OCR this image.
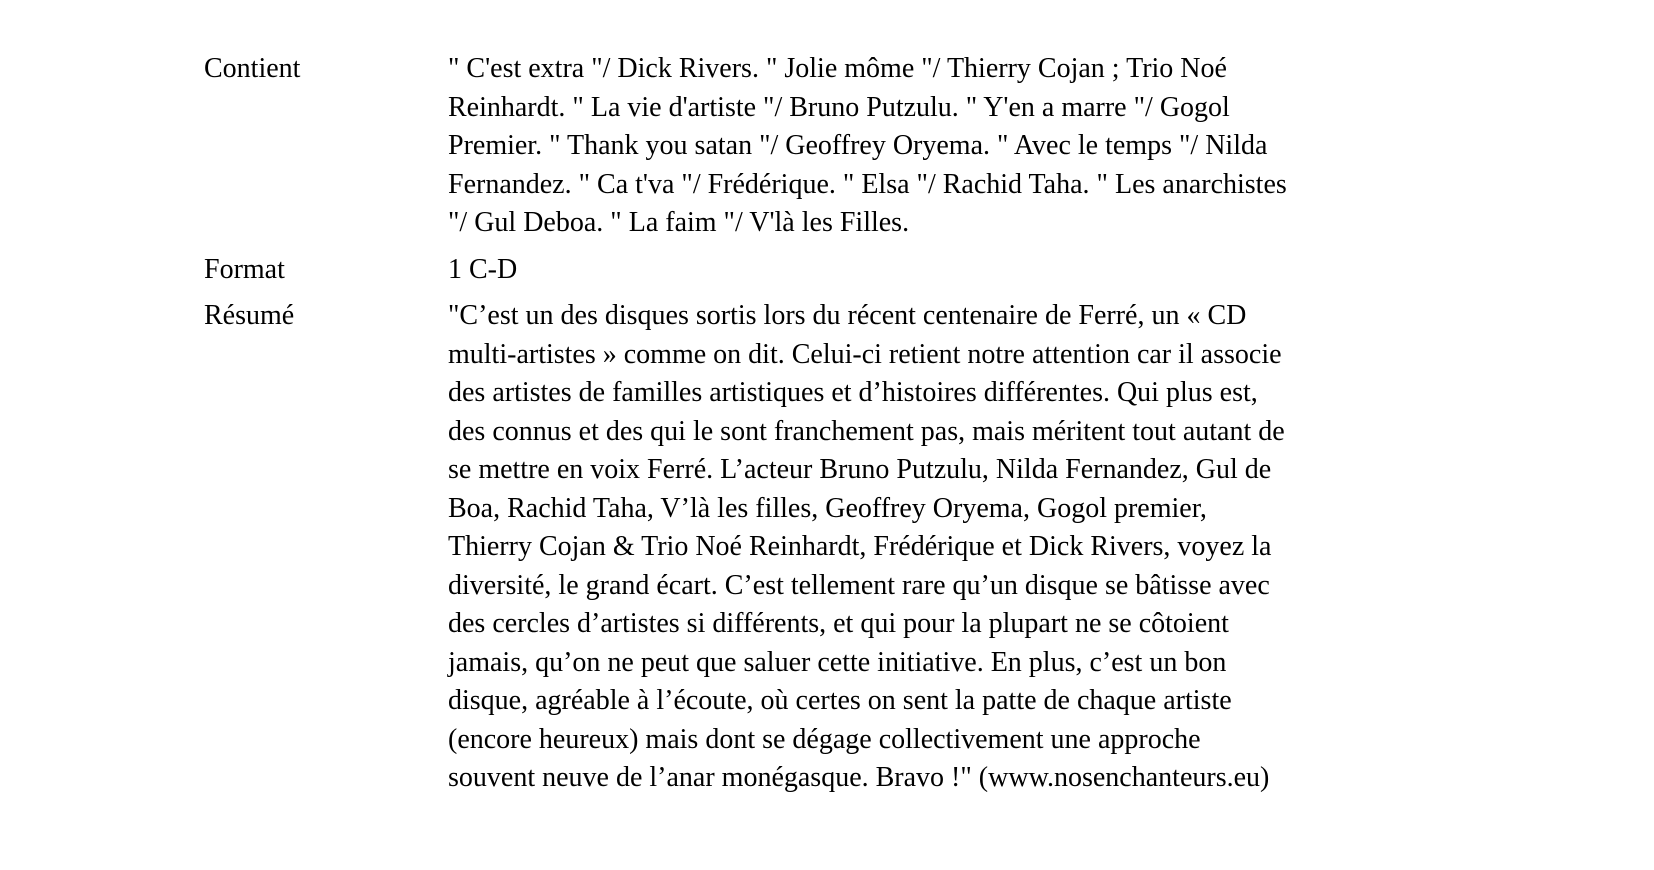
Contient	" C'est extra "/ Dick Rivers. " Jolie môme "/ Thierry Cojan ; Trio Noé
Reinhardt. " La vie d'artiste "/ Bruno Putzulu. " Y'en a marre "/ Gogol
Premier. " Thank you satan "/ Geoffrey Oryema. " Avec le temps "/ Nilda
Fernandez. " Ca t'va "/ Frédérique. " Elsa "/ Rachid Taha. " Les anarchistes
"/ Gul Deboa. " La faim "/ V'là les Filles.
Format	1 C-D
Résumé	"C’est un des disques sortis lors du récent centenaire de Ferré, un « CD
multi-artistes » comme on dit. Celui-ci retient notre attention car il associe
des artistes de familles artistiques et d’histoires différentes. Qui plus est,
des connus et des qui le sont franchement pas, mais méritent tout autant de
se mettre en voix Ferré. L’acteur Bruno Putzulu, Nilda Fernandez, Gul de
Boa, Rachid Taha, V’là les filles, Geoffrey Oryema, Gogol premier,
Thierry Cojan & Trio Noé Reinhardt, Frédérique et Dick Rivers, voyez la
diversité, le grand écart. C’est tellement rare qu’un disque se bâtisse avec
des cercles d’artistes si différents, et qui pour la plupart ne se côtoient
jamais, qu’on ne peut que saluer cette initiative. En plus, c’est un bon
disque, agréable à l’écoute, où certes on sent la patte de chaque artiste
(encore heureux) mais dont se dégage collectivement une approche
souvent neuve de l’anar monégasque. Bravo !" (www.nosenchanteurs.eu)
